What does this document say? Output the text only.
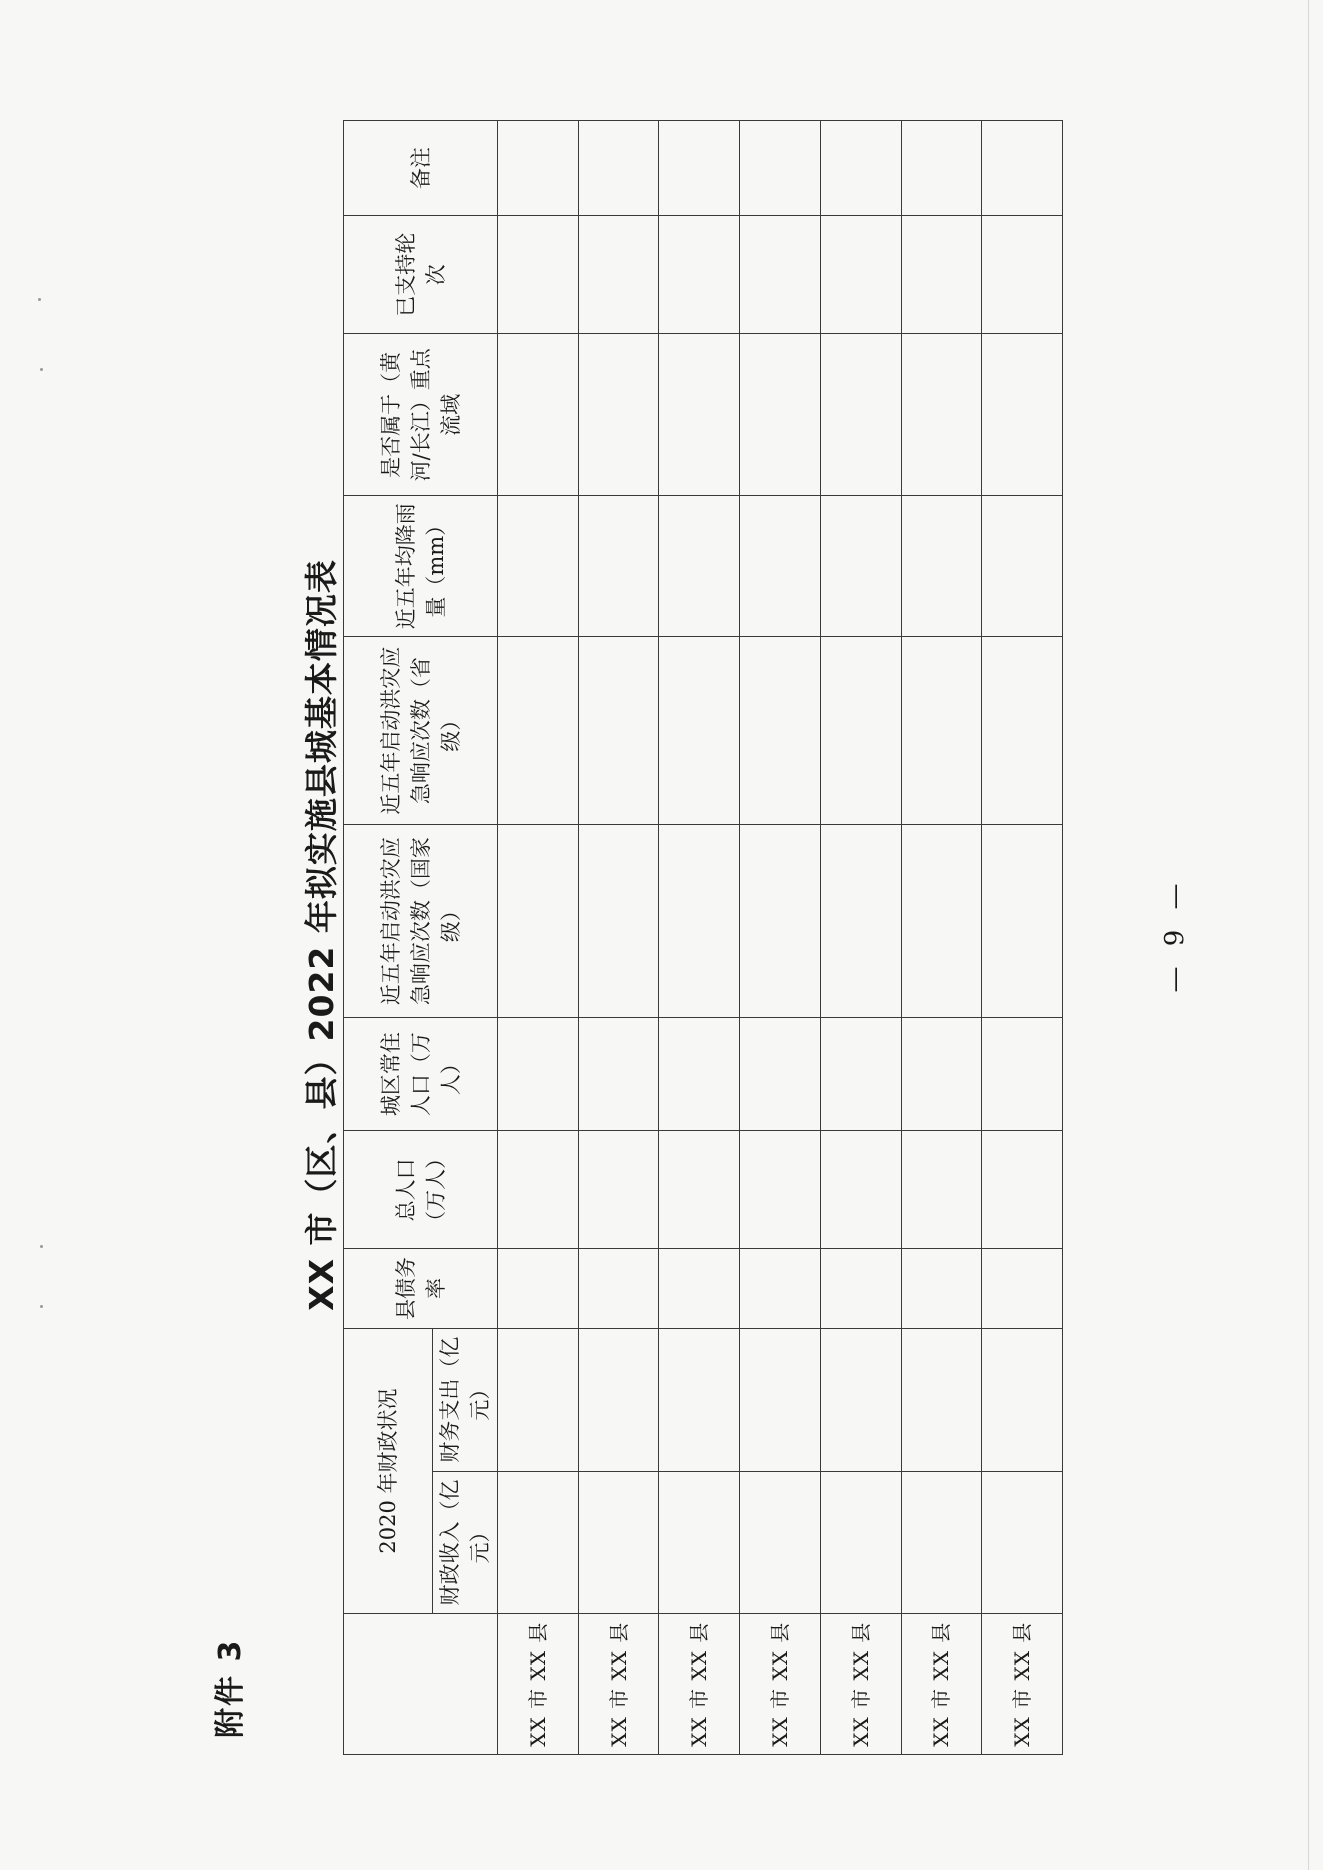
附件 3
XX 市（区、县）2022 年拟实施县城基本情况表
	2020 年财政状况		县债务率	总人口（万人）	城区常住人口（万人）	近五年启动洪灾应急响应次数（国家级）	近五年启动洪灾应急响应次数（省级）	近五年均降雨量（mm）	是否属于（黄河/长江）重点流域	已支持轮次	备注
	财政收入（亿元）	财务支出（亿元）									
XX 市 XX 县											
XX 市 XX 县											
XX 市 XX 县											
XX 市 XX 县											
XX 市 XX 县											
XX 市 XX 县											
XX 市 XX 县											

— 9 —
